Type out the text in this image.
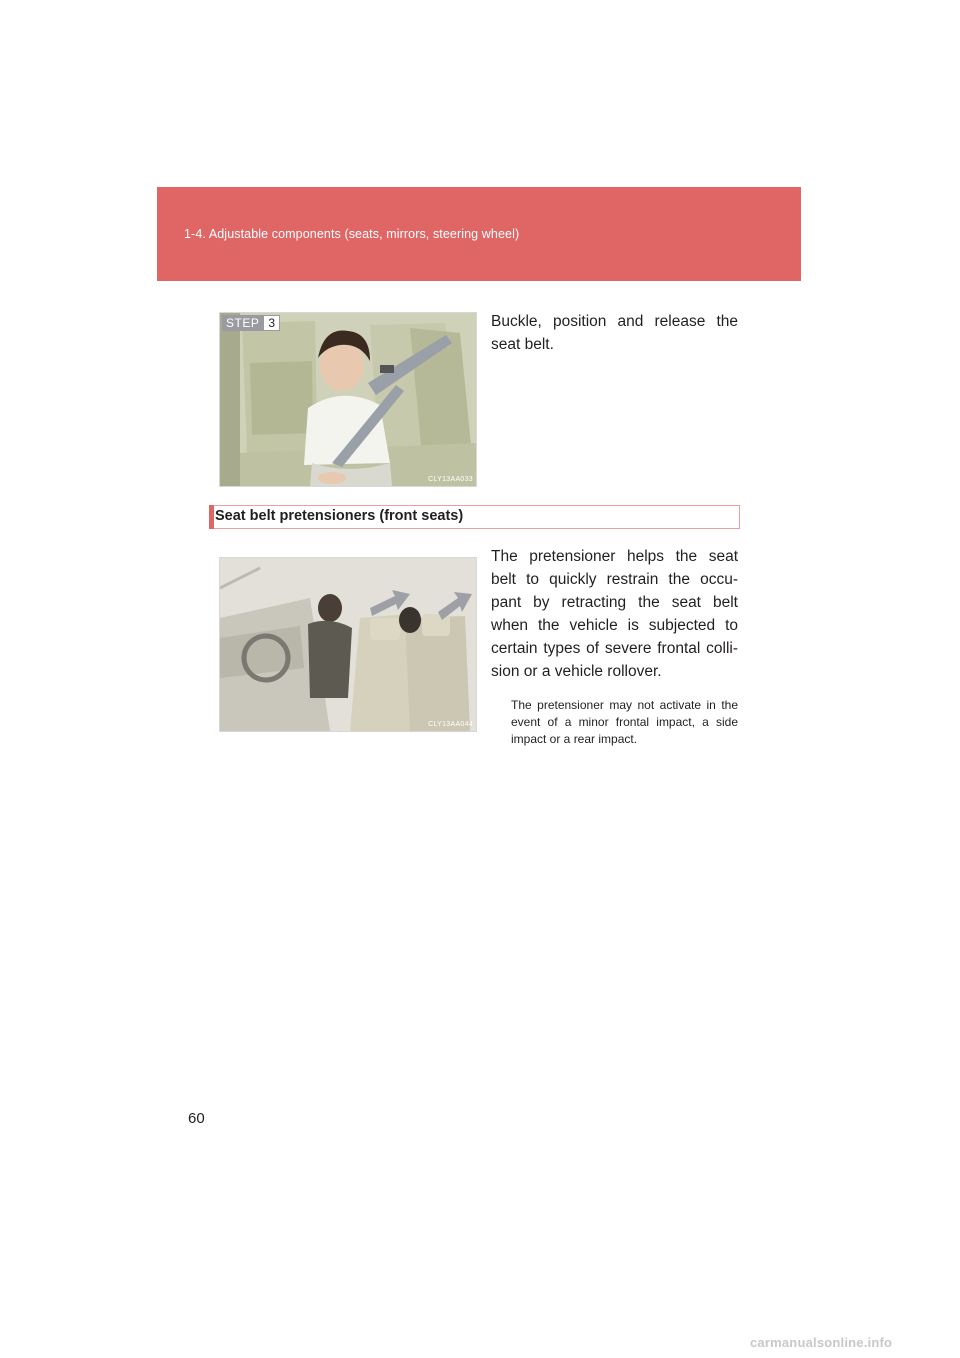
1-4. Adjustable components (seats, mirrors, steering wheel)
STEP 3
CLY13AA033
Buckle, position and release the seat belt.
Seat belt pretensioners (front seats)
CLY13AA044
The pretensioner helps the seat belt to quickly restrain the occu-pant by retracting the seat belt when the vehicle is subjected to certain types of severe frontal colli-sion or a vehicle rollover.
The pretensioner may not activate in the event of a minor frontal impact, a side impact or a rear impact.
60
carmanualsonline.info
